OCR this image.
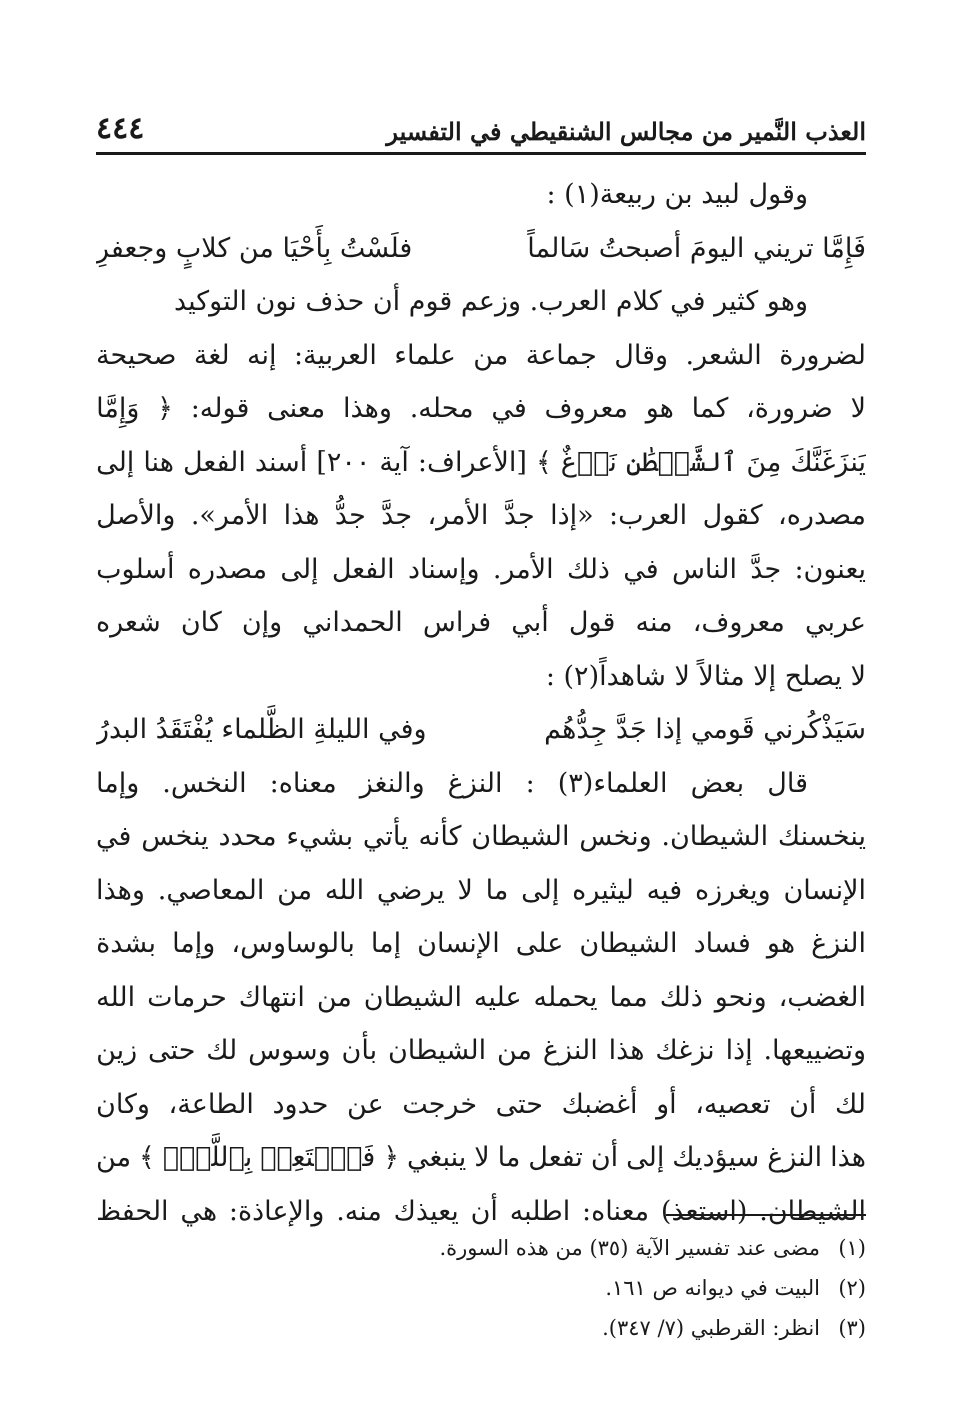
العذب النَّمير من مجالس الشنقيطي في التفسير
٤٤٤
وقول لبيد بن ربيعة(١) :
فَإِمَّا تريني اليومَ أصبحتُ سَالماً
فلَسْتُ بِأَحْيَا من كلابٍ وجعفرِ
وهو كثير في كلام العرب. وزعم قوم أن حذف نون التوكيد
لضرورة
الشعر.
وقال
جماعة
من
علماء
العربية:
إنه
لغة
صحيحة
لا
ضرورة،
كما
هو
معروف
في
محله.
وهذا
معنى
قوله:
﴿
وَإِمَّا
يَنزَغَنَّكَ
مِنَ
ٱلشَّيۡطَٰنِ
نَزۡغٌ
﴾
[الأعراف:
آية
٢٠٠]
أسند
الفعل
هنا
إلى
مصدره،
كقول
العرب:
«إذا
جدَّ
الأمر،
جدَّ
جدُّ
هذا
الأمر».
والأصل
يعنون:
جدَّ
الناس
في
ذلك
الأمر.
وإسناد
الفعل
إلى
مصدره
أسلوب
عربي
معروف،
منه
قول
أبي
فراس
الحمداني
وإن
كان
شعره
لا يصلح إلا مثالاً لا شاهداً(٢) :
سَيَذْكُرني قَومي إذا جَدَّ جِدُّهُم
وفي الليلةِ الظَّلماء يُفْتَقَدُ البدرُ
قال
بعض
العلماء(٣)
:
النزغ
والنغز
معناه:
النخس.
وإما
ينخسنك
الشيطان.
ونخس
الشيطان
كأنه
يأتي
بشيء
محدد
ينخس
في
الإنسان
ويغرزه
فيه
ليثيره
إلى
ما
لا
يرضي
الله
من
المعاصي.
وهذا
النزغ
هو
فساد
الشيطان
على
الإنسان
إما
بالوساوس،
وإما
بشدة
الغضب،
ونحو
ذلك
مما
يحمله
عليه
الشيطان
من
انتهاك
حرمات
الله
وتضييعها.
إذا
نزغك
هذا
النزغ
من
الشيطان
بأن
وسوس
لك
حتى
زين
لك
أن
تعصيه،
أو
أغضبك
حتى
خرجت
عن
حدود
الطاعة،
وكان
هذا
النزغ
سيؤديك
إلى
أن
تفعل
ما
لا
ينبغي
﴿
فَٱسۡتَعِذۡ
بِٱللَّهِۚ
﴾
من
الشيطان.
(استعذ)
معناه:
اطلبه
أن
يعيذك
منه.
والإعاذة:
هي
الحفظ
(١)مضى عند تفسير الآية (٣٥) من هذه السورة.
(٢)البيت في ديوانه ص ١٦١.
(٣)انظر: القرطبي (٧/ ٣٤٧).
